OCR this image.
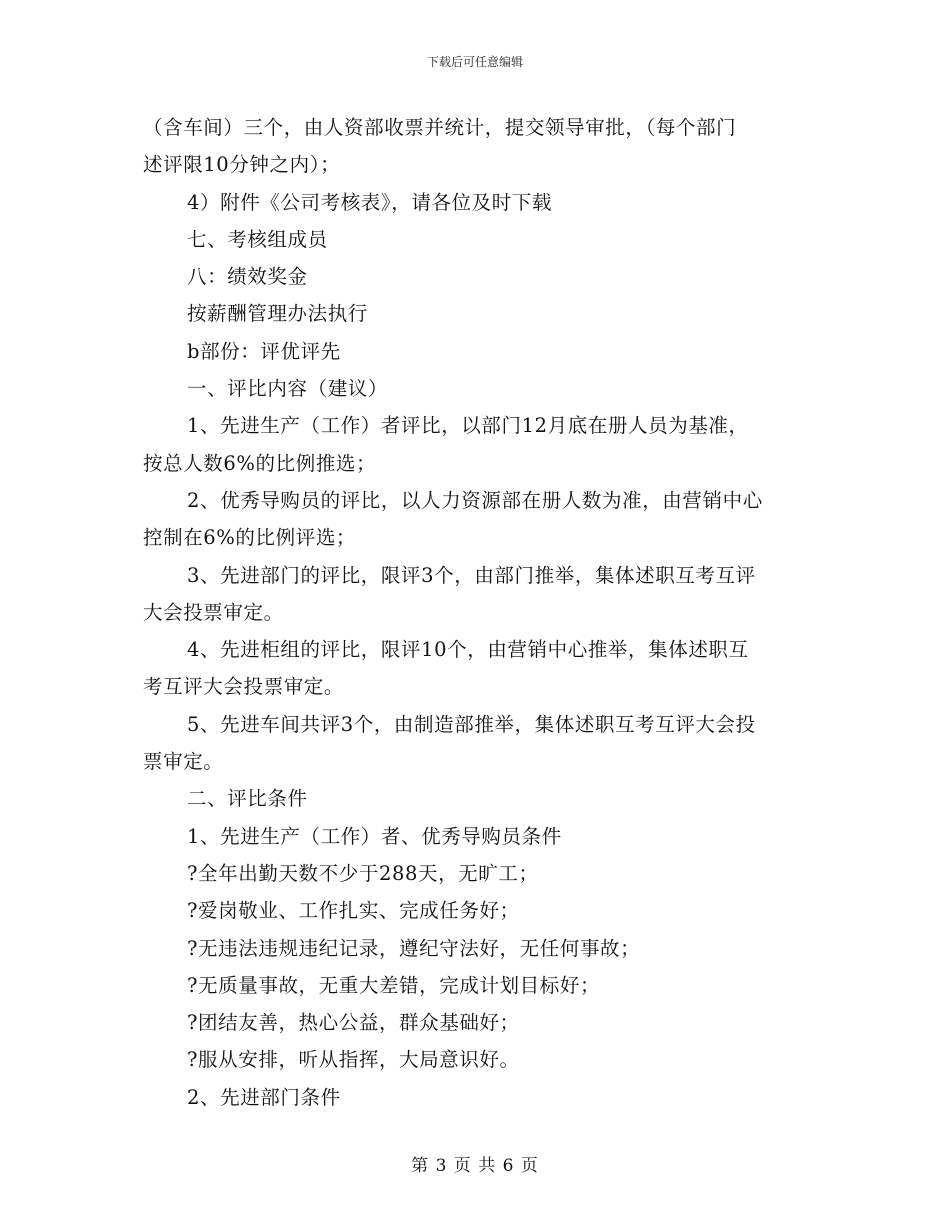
下载后可任意编辑
（含车间）三个，由人资部收票并统计，提交领导审批，（每个部门
述评限10分钟之内）；
4）附件《公司考核表》，请各位及时下载
七、考核组成员
八：绩效奖金
按薪酬管理办法执行
b部份：评优评先
一、评比内容（建议）
1、先进生产（工作）者评比，以部门12月底在册人员为基准，
按总人数6%的比例推选；
2、优秀导购员的评比，以人力资源部在册人数为准，由营销中心
控制在6%的比例评选；
3、先进部门的评比，限评3个，由部门推举，集体述职互考互评
大会投票审定。
4、先进柜组的评比，限评10个，由营销中心推举，集体述职互
考互评大会投票审定。
5、先进车间共评3个，由制造部推举，集体述职互考互评大会投
票审定。
二、评比条件
1、先进生产（工作）者、优秀导购员条件
?全年出勤天数不少于288天，无旷工；
?爱岗敬业、工作扎实、完成任务好；
?无违法违规违纪记录，遵纪守法好，无任何事故；
?无质量事故，无重大差错，完成计划目标好；
?团结友善，热心公益，群众基础好；
?服从安排，听从指挥，大局意识好。
2、先进部门条件
第 3 页 共 6 页
